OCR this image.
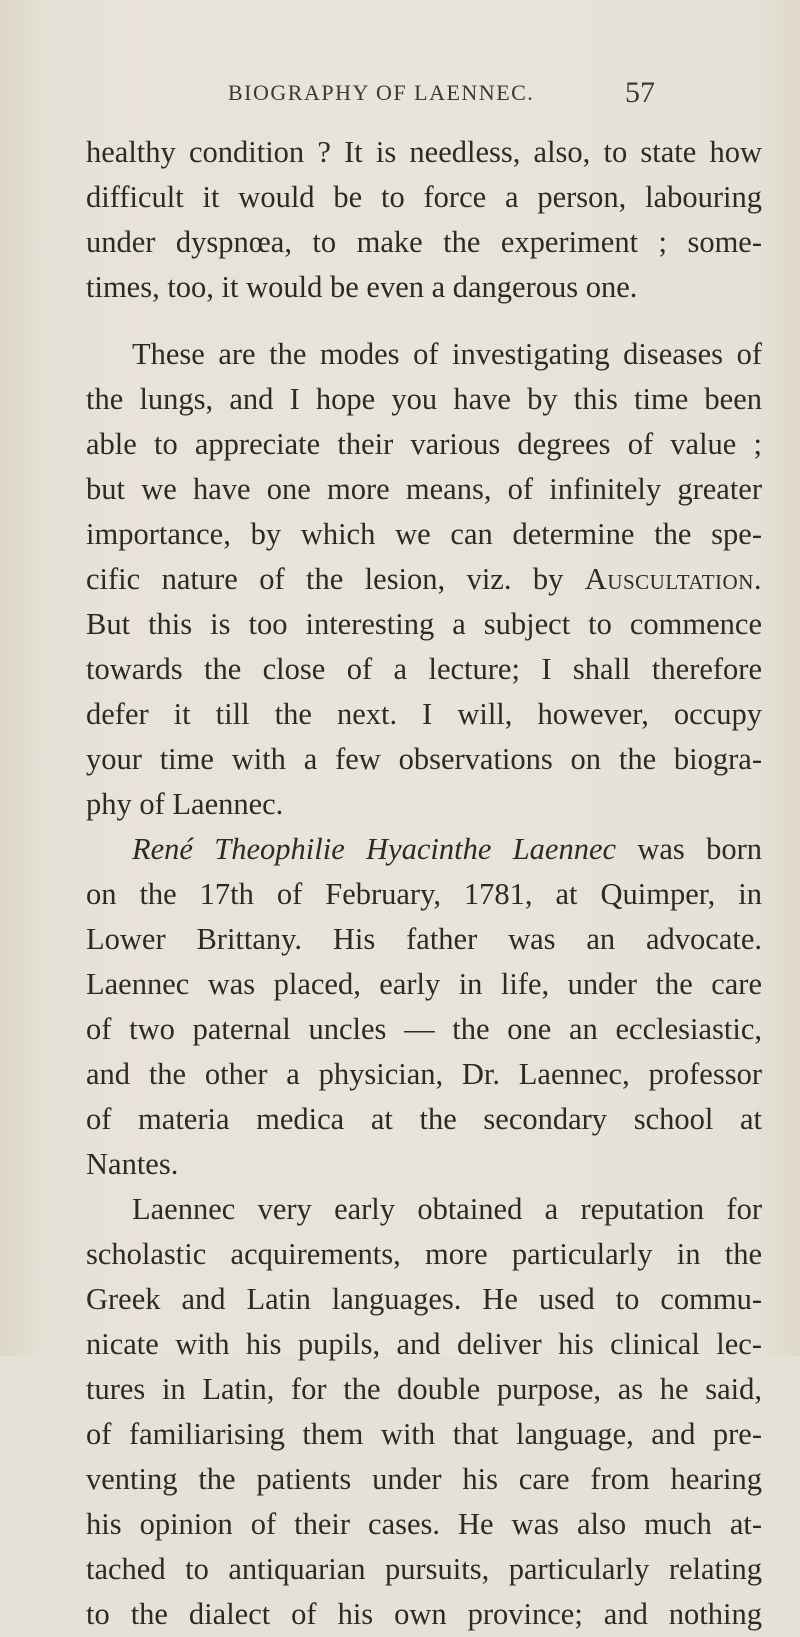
BIOGRAPHY OF LAENNEC.	57
healthy condition ? It is needless, also, to state how
difficult it would be to force a person, labouring
under dyspnœa, to make the experiment ; some-
times, too, it would be even a dangerous one.
These are the modes of investigating diseases of
the lungs, and I hope you have by this time been
able to appreciate their various degrees of value ;
but we have one more means, of infinitely greater
importance, by which we can determine the spe-
cific nature of the lesion, viz. by Auscultation.
But this is too interesting a subject to commence
towards the close of a lecture; I shall therefore
defer it till the next. I will, however, occupy
your time with a few observations on the biogra-
phy of Laennec.
René Theophilie Hyacinthe Laennec was born
on the 17th of February, 1781, at Quimper, in
Lower Brittany. His father was an advocate.
Laennec was placed, early in life, under the care
of two paternal uncles — the one an ecclesiastic,
and the other a physician, Dr. Laennec, professor
of materia medica at the secondary school at
Nantes.
Laennec very early obtained a reputation for
scholastic acquirements, more particularly in the
Greek and Latin languages. He used to commu-
nicate with his pupils, and deliver his clinical lec-
tures in Latin, for the double purpose, as he said,
of familiarising them with that language, and pre-
venting the patients under his care from hearing
his opinion of their cases. He was also much at-
tached to antiquarian pursuits, particularly relating
to the dialect of his own province; and nothing
